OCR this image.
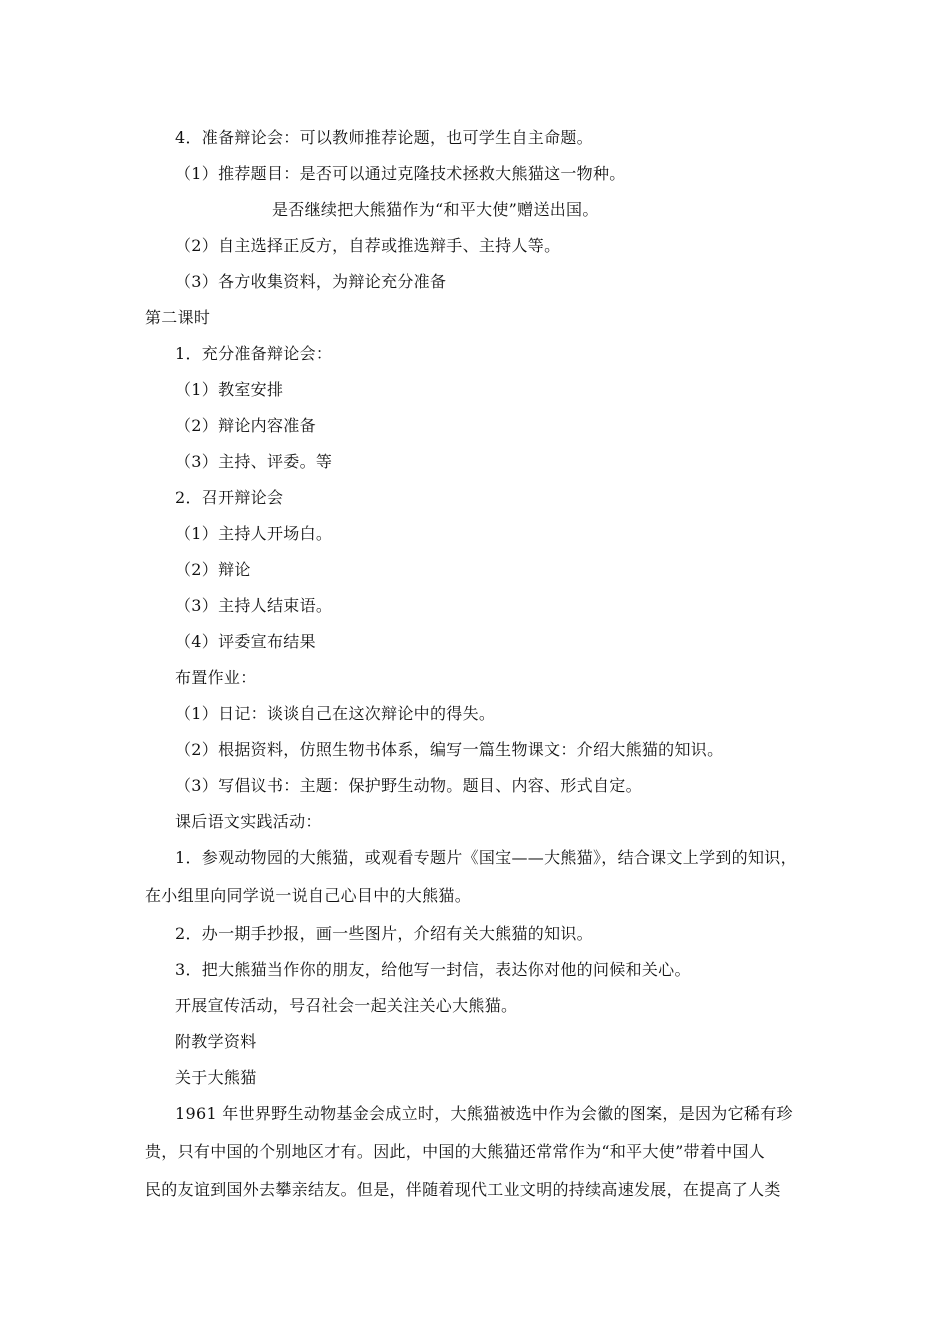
4．准备辩论会：可以教师推荐论题，也可学生自主命题。
（1）推荐题目：是否可以通过克隆技术拯救大熊猫这一物种。
是否继续把大熊猫作为“和平大使”赠送出国。
（2）自主选择正反方，自荐或推选辩手、主持人等。
（3）各方收集资料，为辩论充分准备
第二课时
1．充分准备辩论会：
（1）教室安排
（2）辩论内容准备
（3）主持、评委。等
2．召开辩论会
（1）主持人开场白。
（2）辩论
（3）主持人结束语。
（4）评委宣布结果
布置作业：
（1）日记：谈谈自己在这次辩论中的得失。
（2）根据资料，仿照生物书体系，编写一篇生物课文：介绍大熊猫的知识。
（3）写倡议书：主题：保护野生动物。题目、内容、形式自定。
课后语文实践活动：
1．参观动物园的大熊猫，或观看专题片《国宝——大熊猫》，结合课文上学到的知识，
在小组里向同学说一说自己心目中的大熊猫。
2．办一期手抄报，画一些图片，介绍有关大熊猫的知识。
3．把大熊猫当作你的朋友，给他写一封信，表达你对他的问候和关心。
开展宣传活动，号召社会一起关注关心大熊猫。
附教学资料
关于大熊猫
1961 年世界野生动物基金会成立时，大熊猫被选中作为会徽的图案，是因为它稀有珍
贵，只有中国的个别地区才有。因此，中国的大熊猫还常常作为“和平大使”带着中国人
民的友谊到国外去攀亲结友。但是，伴随着现代工业文明的持续高速发展，在提高了人类
